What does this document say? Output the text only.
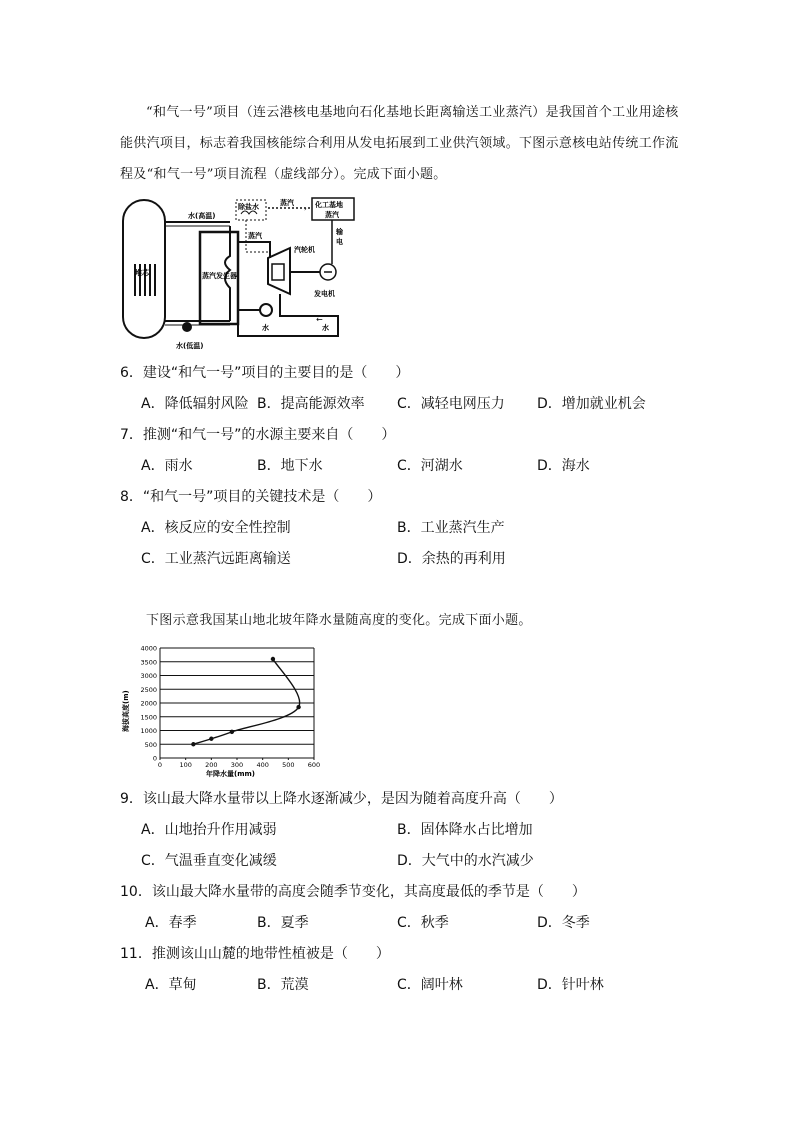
“和气一号”项目（连云港核电基地向石化基地长距离输送工业蒸汽）是我国首个工业用途核能供汽项目，标志着我国核能综合利用从发电拓展到工业供汽领域。下图示意核电站传统工作流程及“和气一号”项目流程（虚线部分）。完成下面小题。

堆芯
水(高温)
水(低温)
蒸汽发生器
蒸汽
汽轮机
发电机
水	水
←
除盐水	蒸汽
› 化工基地
蒸汽
输
电
6．建设“和气一号”项目的主要目的是（　　）
A．降低辐射风险 B．提高能源效率 C．减轻电网压力 D．增加就业机会
7．推测“和气一号”的水源主要来自（　　）
A．雨水	B．地下水	C．河湖水	D．海水
8．“和气一号”项目的关键技术是（　　）
A．核反应的安全性控制	B．工业蒸汽生产
C．工业蒸汽远距离输送	D．余热的再利用

下图示意我国某山地北坡年降水量随高度的变化。完成下面小题。

0
500
1000
1500
2000
2500
3000
3500
4000
0	100 200 300 400 500 600
海拔高度(m)
年降水量(mm)
9．该山最大降水量带以上降水逐渐减少，是因为随着高度升高（　　）
A．山地抬升作用减弱	B．固体降水占比增加
C．气温垂直变化减缓	D．大气中的水汽减少
10．该山最大降水量带的高度会随季节变化，其高度最低的季节是（　　）
A．春季	B．夏季	C．秋季	D．冬季
11．推测该山山麓的地带性植被是（　　）
A．草甸	B．荒漠	C．阔叶林	D．针叶林
